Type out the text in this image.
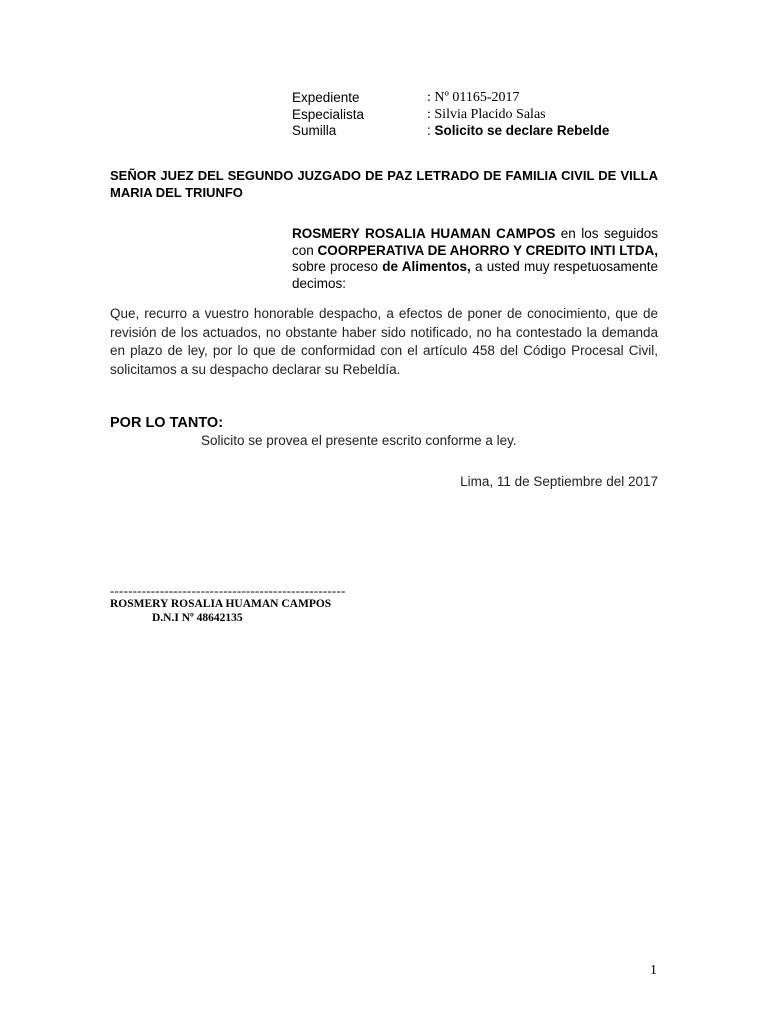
Expediente	: Nº 01165-2017
Especialista	: Silvia Placido Salas
Sumilla	: Solicito se declare Rebelde
SEÑOR JUEZ DEL SEGUNDO JUZGADO DE PAZ LETRADO DE FAMILIA CIVIL DE VILLA MARIA DEL TRIUNFO
ROSMERY ROSALIA HUAMAN CAMPOS en los seguidos con COORPERATIVA DE AHORRO Y CREDITO INTI LTDA, sobre proceso de Alimentos, a usted muy respetuosamente decimos:
Que, recurro a vuestro honorable despacho, a efectos de poner de conocimiento, que de revisión de los actuados, no obstante haber sido notificado, no ha contestado la demanda en plazo de ley, por lo que de conformidad con el artículo 458 del Código Procesal Civil, solicitamos a su despacho declarar su Rebeldía.
POR LO TANTO:
Solicito se provea el presente escrito conforme a ley.
Lima, 11 de Septiembre del 2017
----------------------------------------------------
ROSMERY ROSALIA HUAMAN CAMPOS
D.N.I Nº 48642135
1
